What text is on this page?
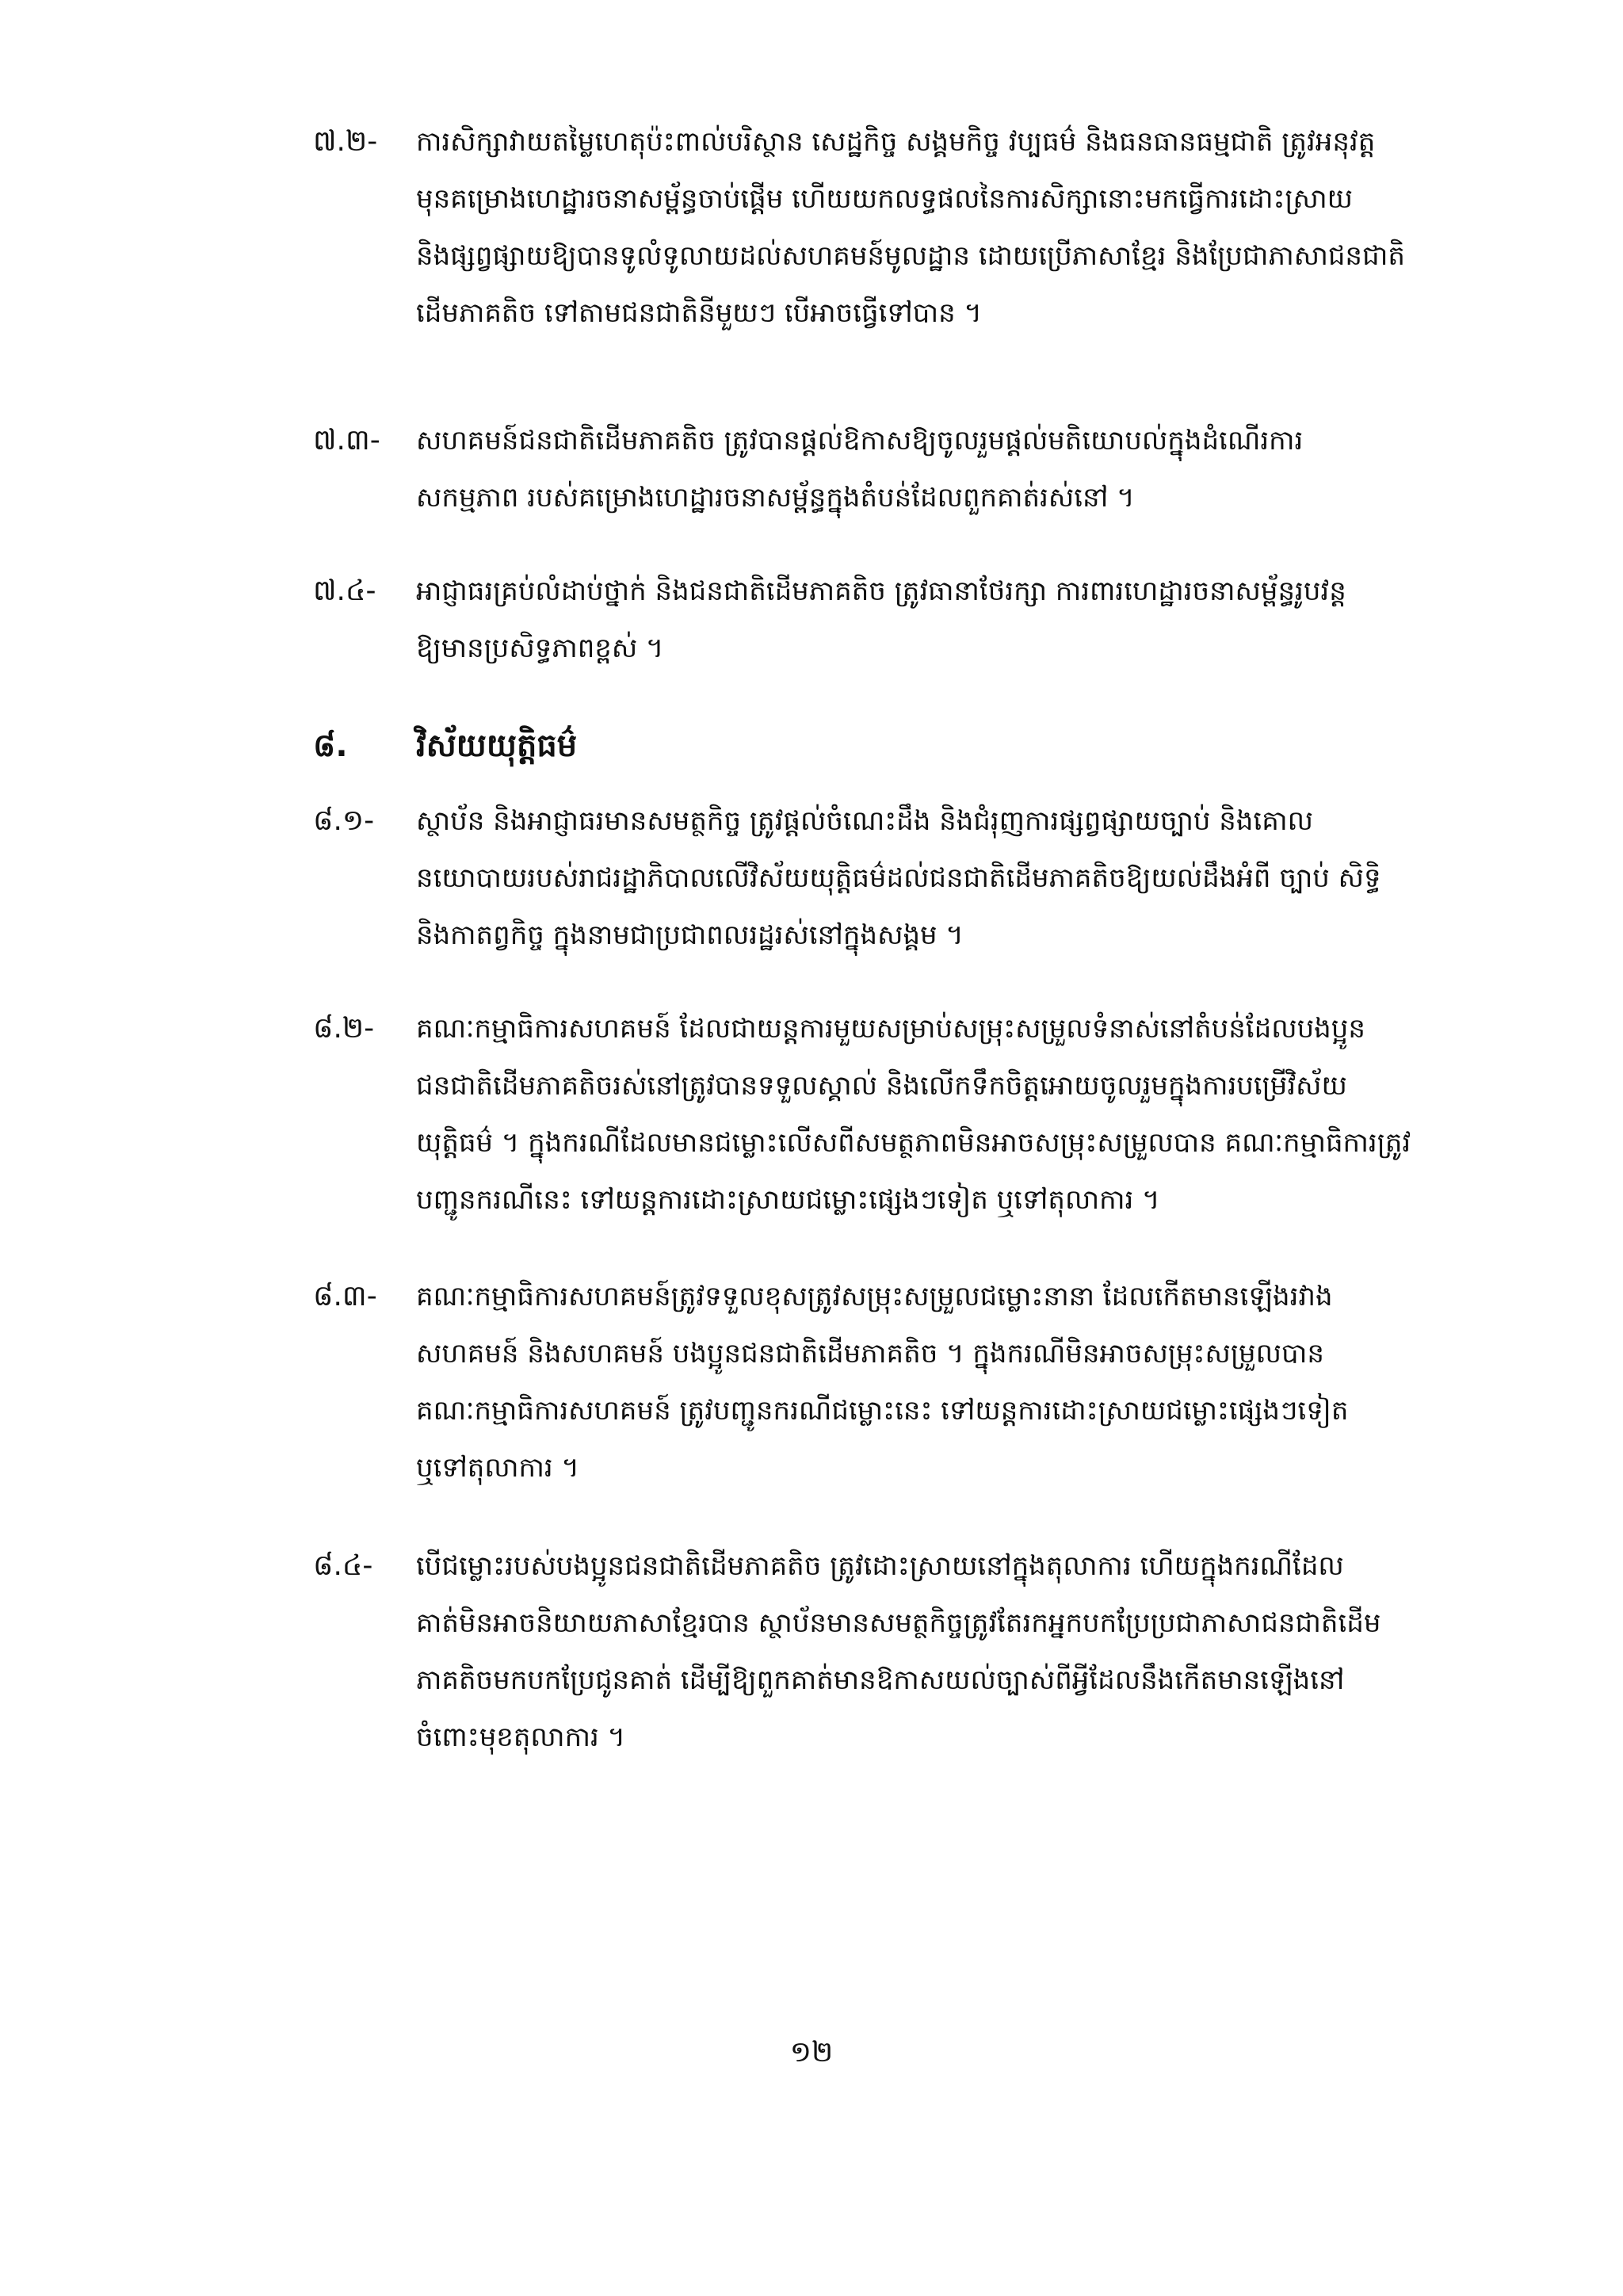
៧.២- ការសិក្សាវាយតម្លៃហេតុប៉ះពាល់បរិស្ថាន សេដ្ឋកិច្ច សង្គមកិច្ច វប្បធម៌ និងធនធានធម្មជាតិ ត្រូវអនុវត្ត
មុនគម្រោងហេដ្ឋារចនាសម្ព័ន្ធចាប់ផ្តើម ហើយយកលទ្ធផលនៃការសិក្សានោះមកធ្វើការដោះស្រាយ
និងផ្សព្វផ្សាយឱ្យបានទូលំទូលាយដល់សហគមន៍មូលដ្ឋាន ដោយប្រើភាសាខ្មែរ និងប្រែជាភាសាជនជាតិ
ដើមភាគតិច ទៅតាមជនជាតិនីមួយៗ បើអាចធ្វើទៅបាន ។
៧.៣- សហគមន៍ជនជាតិដើមភាគតិច ត្រូវបានផ្តល់ឱកាសឱ្យចូលរួមផ្តល់មតិយោបល់ក្នុងដំណើរការ
សកម្មភាព របស់គម្រោងហេដ្ឋារចនាសម្ព័ន្ធក្នុងតំបន់ដែលពួកគាត់រស់នៅ ។
៧.៤- អាជ្ញាធរគ្រប់លំដាប់ថ្នាក់ និងជនជាតិដើមភាគតិច ត្រូវធានាថែរក្សា ការពារហេដ្ឋារចនាសម្ព័ន្ធរូបវន្ត
ឱ្យមានប្រសិទ្ធភាពខ្ពស់ ។
៨. វិស័យយុត្តិធម៌
៨.១- ស្ថាប័ន និងអាជ្ញាធរមានសមត្ថកិច្ច ត្រូវផ្តល់ចំណេះដឹង និងជំរុញការផ្សព្វផ្សាយច្បាប់ និងគោល
នយោបាយរបស់រាជរដ្ឋាភិបាលលើវិស័យយុត្តិធម៌ដល់ជនជាតិដើមភាគតិចឱ្យយល់ដឹងអំពី ច្បាប់ សិទ្ធិ
និងកាតព្វកិច្ច ក្នុងនាមជាប្រជាពលរដ្ឋរស់នៅក្នុងសង្គម ។
៨.២- គណៈកម្មាធិការសហគមន៍ ដែលជាយន្តការមួយសម្រាប់សម្រុះសម្រួលទំនាស់នៅតំបន់ដែលបងប្អូន
ជនជាតិដើមភាគតិចរស់នៅត្រូវបានទទួលស្គាល់ និងលើកទឹកចិត្តអោយចូលរួមក្នុងការបម្រើវិស័យ
យុត្តិធម៌ ។ ក្នុងករណីដែលមានជម្លោះលើសពីសមត្ថភាពមិនអាចសម្រុះសម្រួលបាន គណៈកម្មាធិការត្រូវ
បញ្ជូនករណីនេះ ទៅយន្តការដោះស្រាយជម្លោះផ្សេងៗទៀត ឬទៅតុលាការ ។
៨.៣- គណៈកម្មាធិការសហគមន៍ត្រូវទទួលខុសត្រូវសម្រុះសម្រួលជម្លោះនានា ដែលកើតមានឡើងរវាង
សហគមន៍ និងសហគមន៍ បងប្អូនជនជាតិដើមភាគតិច ។ ក្នុងករណីមិនអាចសម្រុះសម្រួលបាន
គណៈកម្មាធិការសហគមន៍ ត្រូវបញ្ជូនករណីជម្លោះនេះ ទៅយន្តការដោះស្រាយជម្លោះផ្សេងៗទៀត
ឬទៅតុលាការ ។
៨.៤- បើជម្លោះរបស់បងប្អូនជនជាតិដើមភាគតិច ត្រូវដោះស្រាយនៅក្នុងតុលាការ ហើយក្នុងករណីដែល
គាត់មិនអាចនិយាយភាសាខ្មែរបាន ស្ថាប័នមានសមត្ថកិច្ចត្រូវតែរកអ្នកបកប្រែប្រជាភាសាជនជាតិដើម
ភាគតិចមកបកប្រែជូនគាត់ ដើម្បីឱ្យពួកគាត់មានឱកាសយល់ច្បាស់ពីអ្វីដែលនឹងកើតមានឡើងនៅ
ចំពោះមុខតុលាការ ។
១២
